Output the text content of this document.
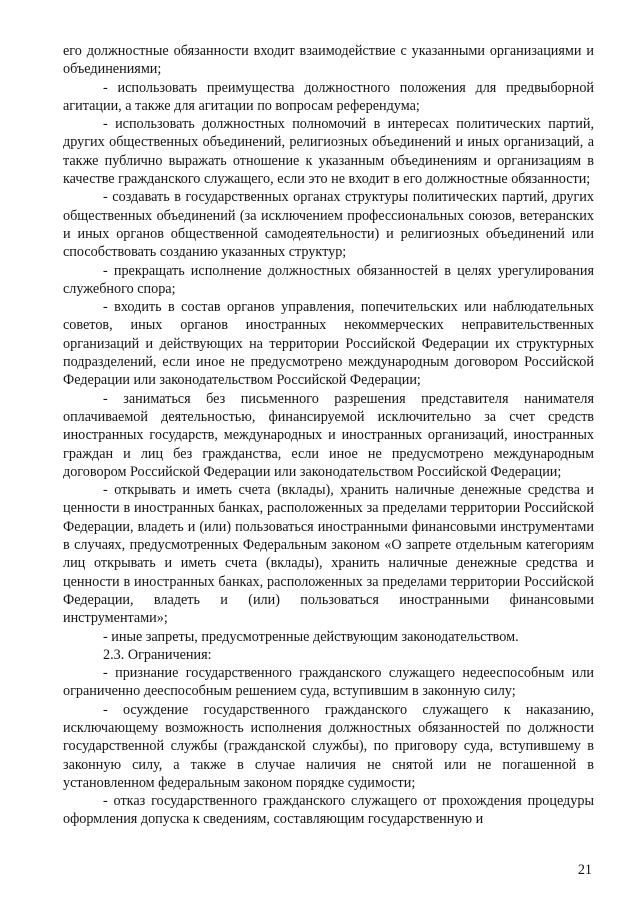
его должностные обязанности входит взаимодействие с указанными организациями и объединениями;

- использовать преимущества должностного положения для предвыборной агитации, а также для агитации по вопросам референдума;

- использовать должностных полномочий в интересах политических партий, других общественных объединений, религиозных объединений и иных организаций, а также публично выражать отношение к указанным объединениям и организациям в качестве гражданского служащего, если это не входит в его должностные обязанности;

- создавать в государственных органах структуры политических партий, других общественных объединений (за исключением профессиональных союзов, ветеранских и иных органов общественной самодеятельности) и религиозных объединений или способствовать созданию указанных структур;

- прекращать исполнение должностных обязанностей в целях урегулирования служебного спора;

- входить в состав органов управления, попечительских или наблюдательных советов, иных органов иностранных некоммерческих неправительственных организаций и действующих на территории Российской Федерации их структурных подразделений, если иное не предусмотрено международным договором Российской Федерации или законодательством Российской Федерации;

- заниматься без письменного разрешения представителя нанимателя оплачиваемой деятельностью, финансируемой исключительно за счет средств иностранных государств, международных и иностранных организаций, иностранных граждан и лиц без гражданства, если иное не предусмотрено международным договором Российской Федерации или законодательством Российской Федерации;

- открывать и иметь счета (вклады), хранить наличные денежные средства и ценности в иностранных банках, расположенных за пределами территории Российской Федерации, владеть и (или) пользоваться иностранными финансовыми инструментами в случаях, предусмотренных Федеральным законом «О запрете отдельным категориям лиц открывать и иметь счета (вклады), хранить наличные денежные средства и ценности в иностранных банках, расположенных за пределами территории Российской Федерации, владеть и (или) пользоваться иностранными финансовыми инструментами»;

- иные запреты, предусмотренные действующим законодательством.

2.3. Ограничения:

- признание государственного гражданского служащего недееспособным или ограниченно дееспособным решением суда, вступившим в законную силу;

- осуждение государственного гражданского служащего к наказанию, исключающему возможность исполнения должностных обязанностей по должности государственной службы (гражданской службы), по приговору суда, вступившему в законную силу, а также в случае наличия не снятой или не погашенной в установленном федеральным законом порядке судимости;

- отказ государственного гражданского служащего от прохождения процедуры оформления допуска к сведениям, составляющим государственную и

21
